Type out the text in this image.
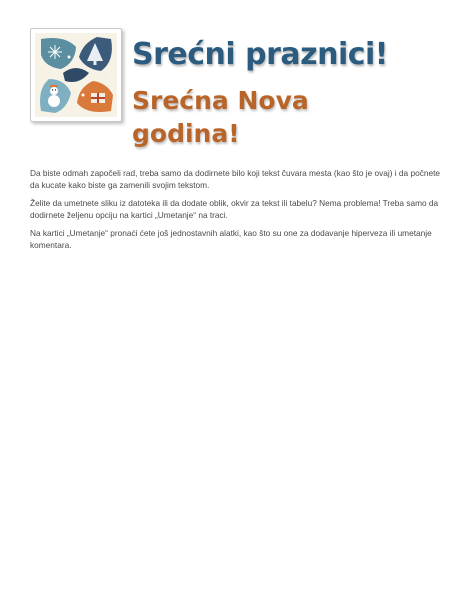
Srećni praznici!
Srećna Nova godina!

Da biste odmah započeli rad, treba samo da dodirnete bilo koji tekst čuvara mesta (kao što je ovaj) i da počnete da kucate kako biste ga zamenili svojim tekstom.

Želite da umetnete sliku iz datoteka ili da dodate oblik, okvir za tekst ili tabelu? Nema problema! Treba samo da dodirnete željenu opciju na kartici „Umetanje“ na traci.

Na kartici „Umetanje“ pronaći ćete još jednostavnih alatki, kao što su one za dodavanje hiperveza ili umetanje komentara.
